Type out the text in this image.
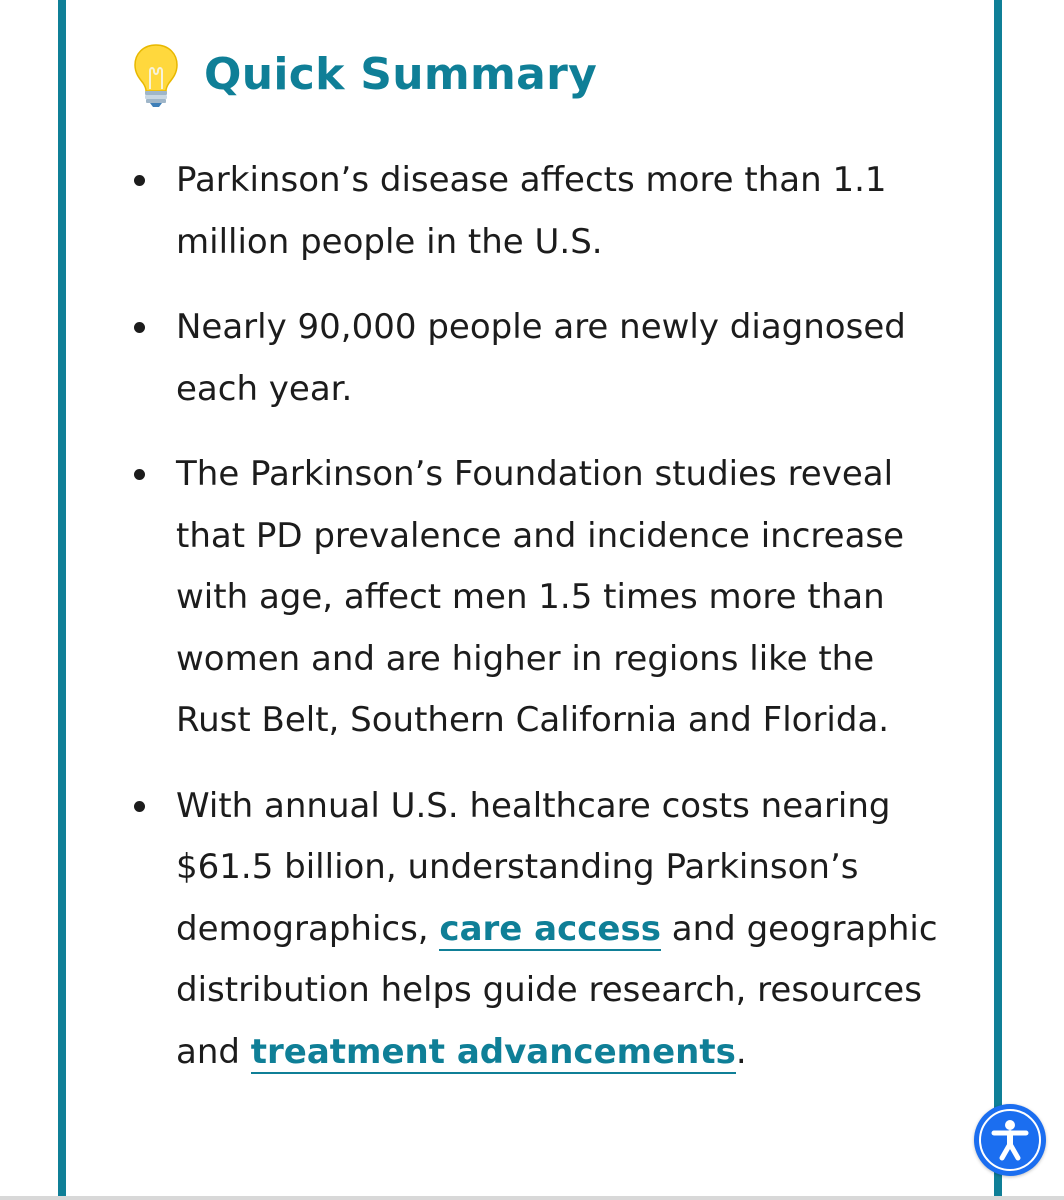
Quick Summary
Parkinson’s disease affects more than 1.1 million people in the U.S.
Nearly 90,000 people are newly diagnosed each year.
The Parkinson’s Foundation studies reveal that PD prevalence and incidence increase with age, affect men 1.5 times more than women and are higher in regions like the Rust Belt, Southern California and Florida.
With annual U.S. healthcare costs nearing $61.5 billion, understanding Parkinson’s demographics, care access and geographic distribution helps guide research, resources and treatment advancements.
